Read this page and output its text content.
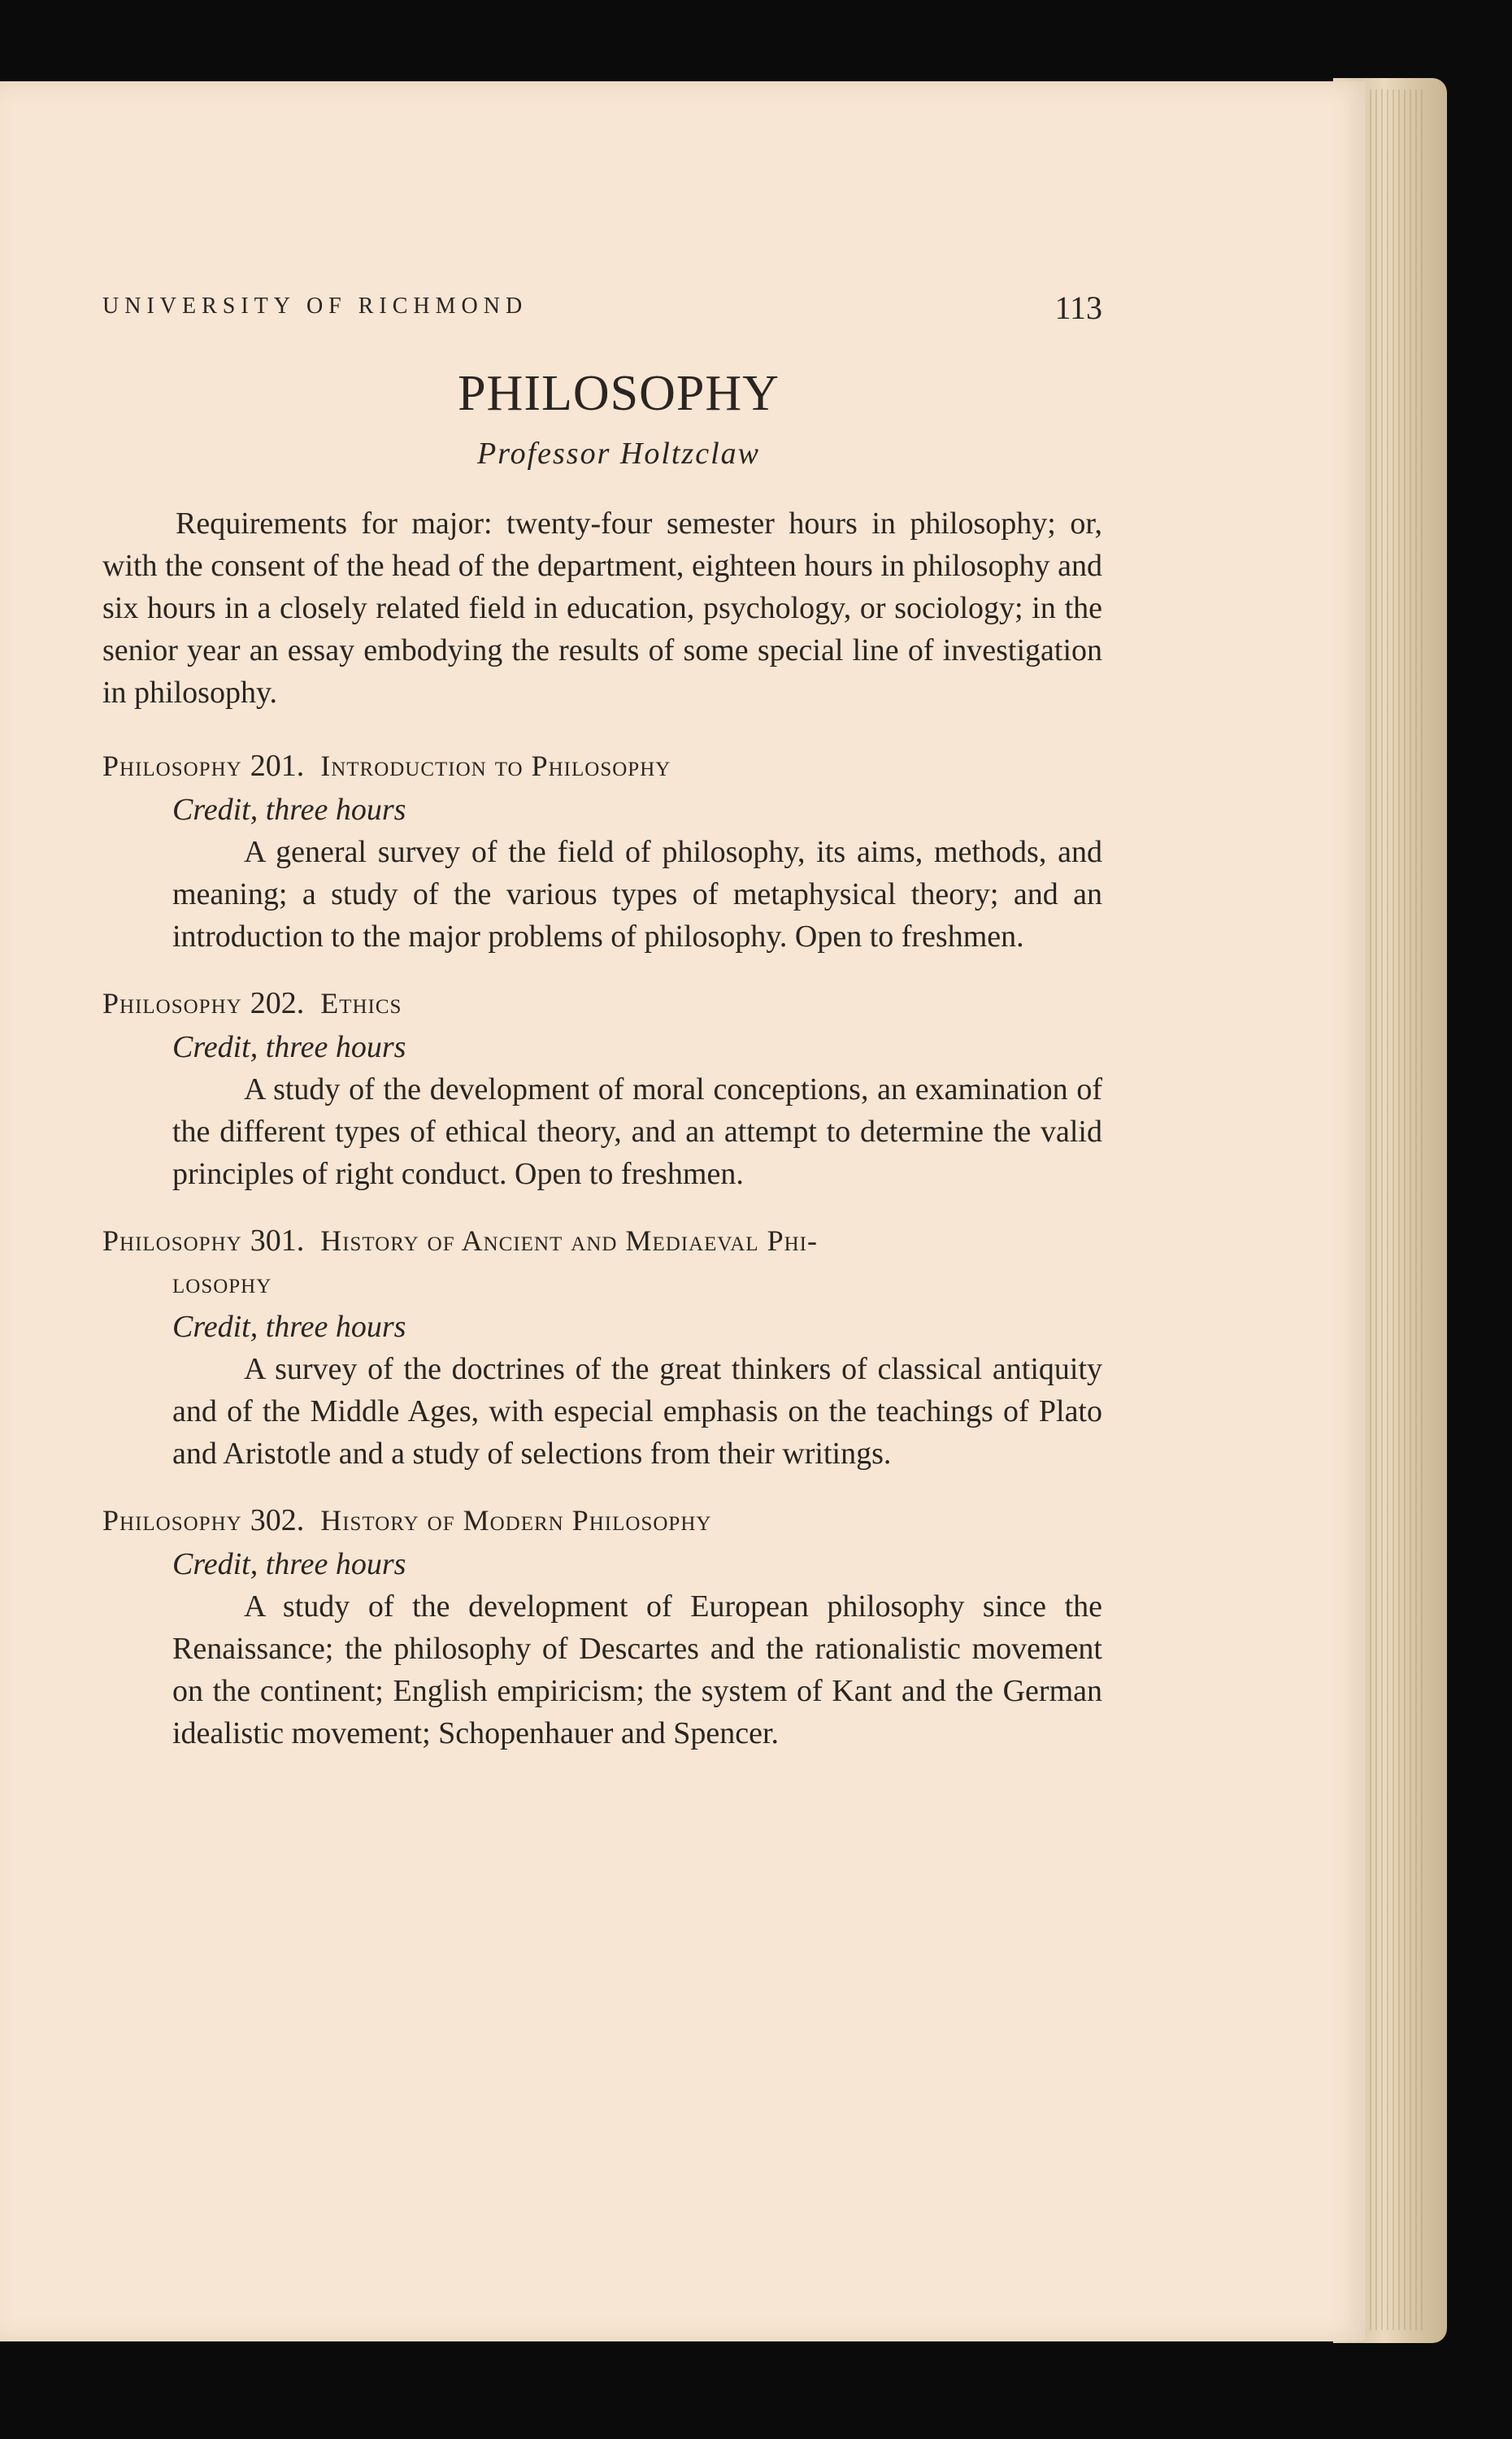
UNIVERSITY OF RICHMOND	113
PHILOSOPHY
Professor Holtzclaw

Requirements for major: twenty-four semester hours in philosophy; or, with the consent of the head of the department, eighteen hours in philosophy and six hours in a closely related field in education, psychology, or sociology; in the senior year an essay embodying the results of some special line of investigation in philosophy.

Philosophy 201. Introduction to Philosophy
Credit, three hours
A general survey of the field of philosophy, its aims, methods, and meaning; a study of the various types of metaphysical theory; and an introduction to the major problems of philosophy. Open to freshmen.
Philosophy 202. Ethics
Credit, three hours
A study of the development of moral conceptions, an examination of the different types of ethical theory, and an attempt to determine the valid principles of right conduct. Open to freshmen.
Philosophy 301. History of Ancient and Mediaeval Phi-
losophy
Credit, three hours
A survey of the doctrines of the great thinkers of classical antiquity and of the Middle Ages, with especial emphasis on the teachings of Plato and Aristotle and a study of selections from their writings.
Philosophy 302. History of Modern Philosophy
Credit, three hours
A study of the development of European philosophy since the Renaissance; the philosophy of Descartes and the rationalistic movement on the continent; English empiricism; the system of Kant and the German idealistic movement; Schopenhauer and Spencer.
